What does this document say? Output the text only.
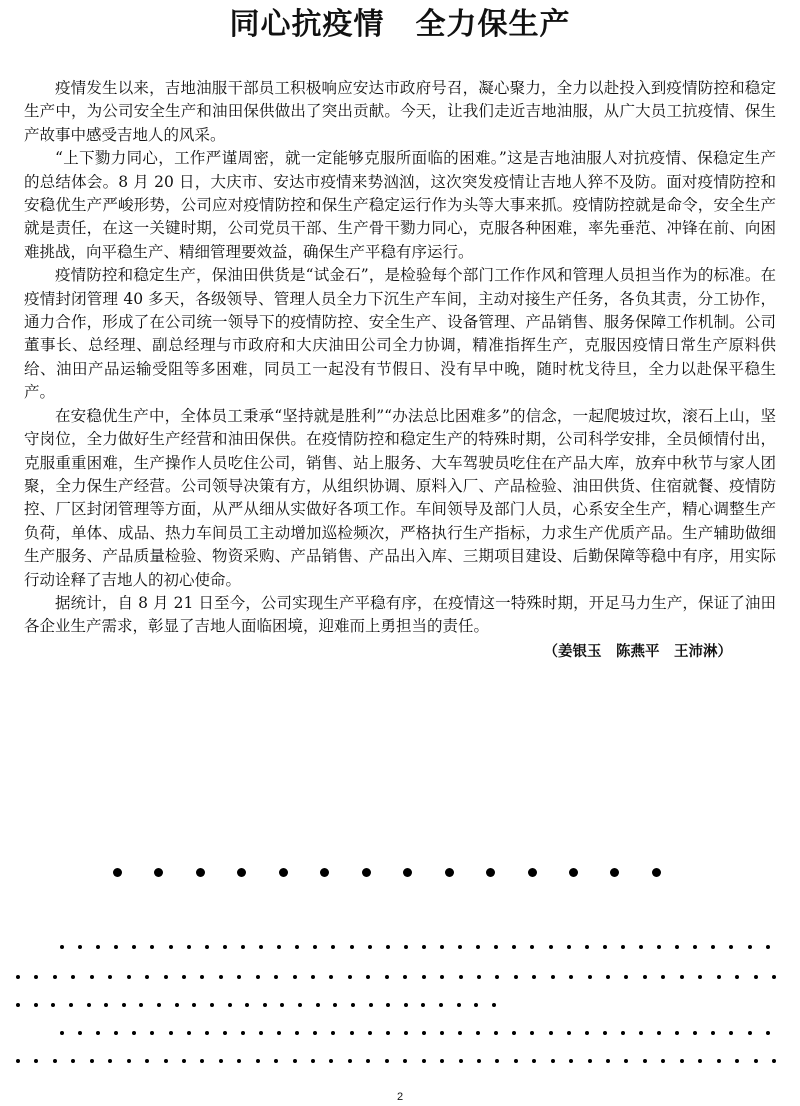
同心抗疫情　全力保生产

疫情发生以来，吉地油服干部员工积极响应安达市政府号召，凝心聚力，全力以赴投入到疫情防控和稳定生产中，为公司安全生产和油田保供做出了突出贡献。今天，让我们走近吉地油服，从广大员工抗疫情、保生产故事中感受吉地人的风采。

“上下勠力同心，工作严谨周密，就一定能够克服所面临的困难。”这是吉地油服人对抗疫情、保稳定生产的总结体会。8 月 20 日，大庆市、安达市疫情来势汹汹，这次突发疫情让吉地人猝不及防。面对疫情防控和安稳优生产严峻形势，公司应对疫情防控和保生产稳定运行作为头等大事来抓。疫情防控就是命令，安全生产就是责任，在这一关键时期，公司党员干部、生产骨干勠力同心，克服各种困难，率先垂范、冲锋在前、向困难挑战，向平稳生产、精细管理要效益，确保生产平稳有序运行。

疫情防控和稳定生产，保油田供货是“试金石”，是检验每个部门工作作风和管理人员担当作为的标准。在疫情封闭管理 40 多天，各级领导、管理人员全力下沉生产车间，主动对接生产任务，各负其责，分工协作，通力合作，形成了在公司统一领导下的疫情防控、安全生产、设备管理、产品销售、服务保障工作机制。公司董事长、总经理、副总经理与市政府和大庆油田公司全力协调，精准指挥生产，克服因疫情日常生产原料供给、油田产品运输受阻等多困难，同员工一起没有节假日、没有早中晚，随时枕戈待旦，全力以赴保平稳生产。

在安稳优生产中，全体员工秉承“坚持就是胜利”“办法总比困难多”的信念，一起爬坡过坎，滚石上山，坚守岗位，全力做好生产经营和油田保供。在疫情防控和稳定生产的特殊时期，公司科学安排，全员倾情付出，克服重重困难，生产操作人员吃住公司，销售、站上服务、大车驾驶员吃住在产品大库，放弃中秋节与家人团聚，全力保生产经营。公司领导决策有方，从组织协调、原料入厂、产品检验、油田供货、住宿就餐、疫情防控、厂区封闭管理等方面，从严从细从实做好各项工作。车间领导及部门人员，心系安全生产，精心调整生产负荷，单体、成品、热力车间员工主动增加巡检频次，严格执行生产指标，力求生产优质产品。生产辅助做细生产服务、产品质量检验、物资采购、产品销售、产品出入库、三期项目建设、后勤保障等稳中有序，用实际行动诠释了吉地人的初心使命。

据统计，自 8 月 21 日至今，公司实现生产平稳有序，在疫情这一特殊时期，开足马力生产，保证了油田各企业生产需求，彰显了吉地人面临困境，迎难而上勇担当的责任。

（姜银玉　陈燕平　王沛淋）
2
